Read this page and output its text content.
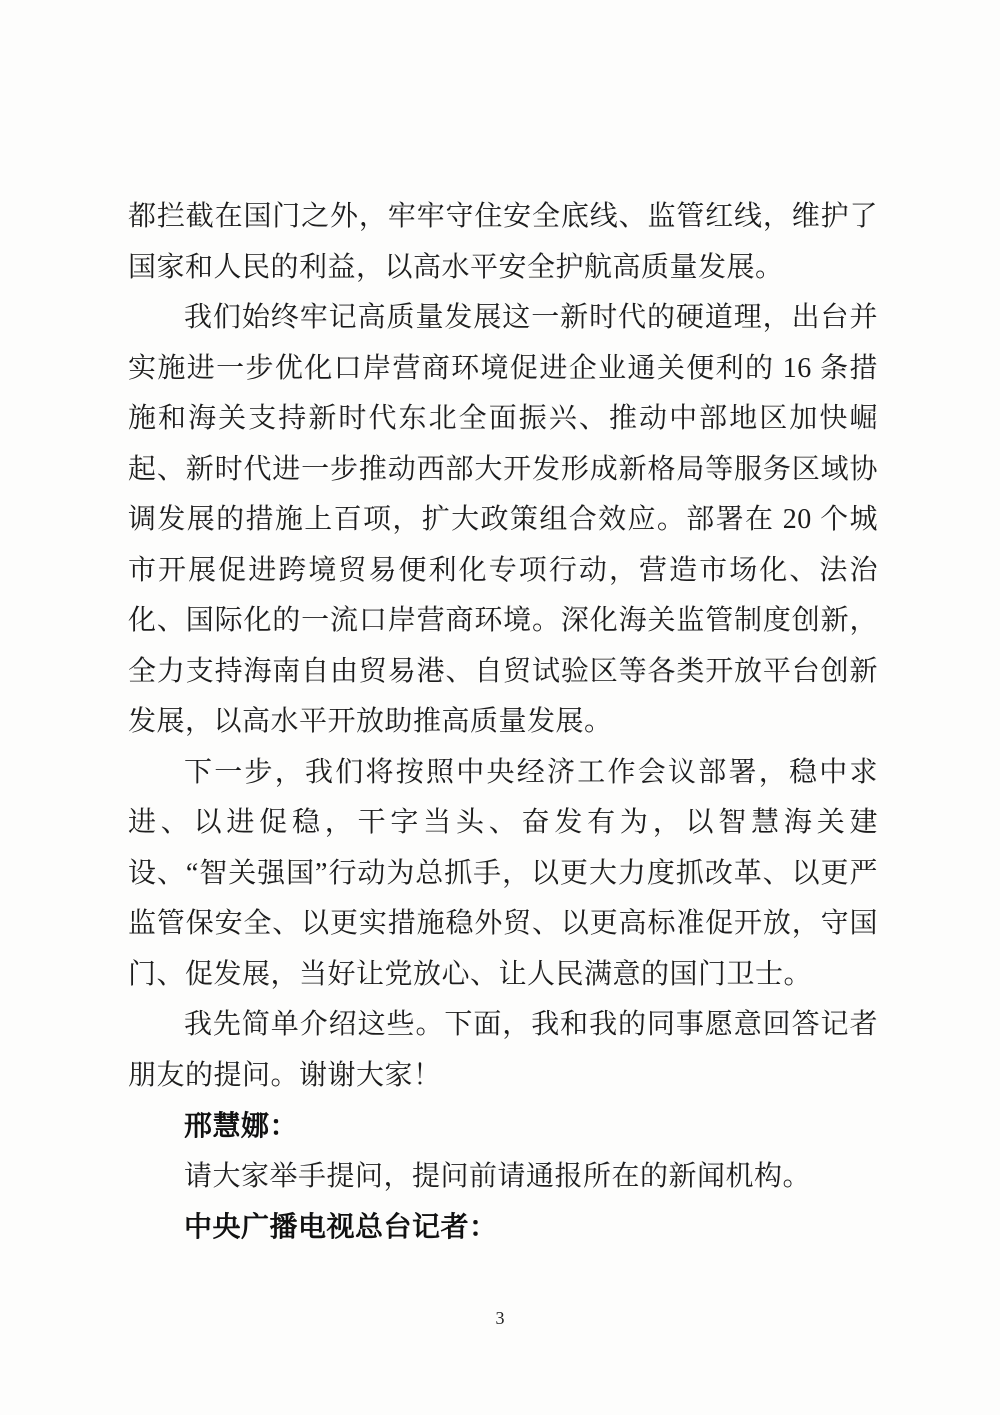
都拦截在国门之外，牢牢守住安全底线、监管红线，维护了国家和人民的利益，以高水平安全护航高质量发展。

我们始终牢记高质量发展这一新时代的硬道理，出台并实施进一步优化口岸营商环境促进企业通关便利的 16 条措施和海关支持新时代东北全面振兴、推动中部地区加快崛起、新时代进一步推动西部大开发形成新格局等服务区域协调发展的措施上百项，扩大政策组合效应。部署在 20 个城市开展促进跨境贸易便利化专项行动，营造市场化、法治化、国际化的一流口岸营商环境。深化海关监管制度创新，全力支持海南自由贸易港、自贸试验区等各类开放平台创新发展，以高水平开放助推高质量发展。

下一步，我们将按照中央经济工作会议部署，稳中求进、以进促稳，干字当头、奋发有为，以智慧海关建设、“智关强国”行动为总抓手，以更大力度抓改革、以更严监管保安全、以更实措施稳外贸、以更高标准促开放，守国门、促发展，当好让党放心、让人民满意的国门卫士。

我先简单介绍这些。下面，我和我的同事愿意回答记者朋友的提问。谢谢大家！

邢慧娜：

请大家举手提问，提问前请通报所在的新闻机构。

中央广播电视总台记者：

3
